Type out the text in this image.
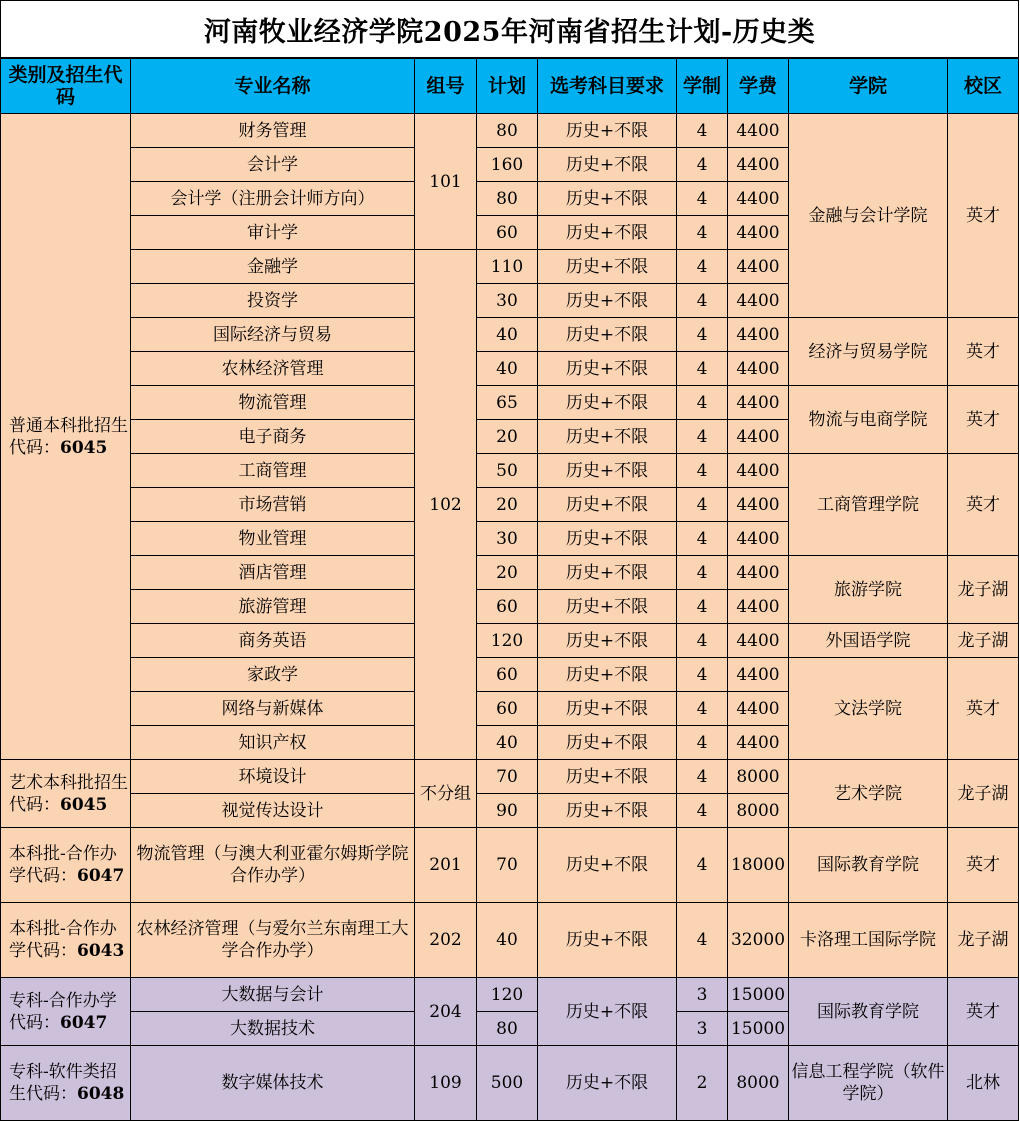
河南牧业经济学院2025年河南省招生计划-历史类
类别及招生代码	专业名称	组号	计划	选考科目要求	学制	学费	学院	校区
普通本科批招生代码：6045	财务管理	101	80	历史+不限	4	4400	金融与会计学院	英才
	会计学		160	历史+不限	4	4400		
	会计学（注册会计师方向）		80	历史+不限	4	4400		
	审计学		60	历史+不限	4	4400		
	金融学	102	110	历史+不限	4	4400		
	投资学		30	历史+不限	4	4400		
	国际经济与贸易		40	历史+不限	4	4400	经济与贸易学院	英才
	农林经济管理		40	历史+不限	4	4400		
	物流管理		65	历史+不限	4	4400	物流与电商学院	英才
	电子商务		20	历史+不限	4	4400		
	工商管理		50	历史+不限	4	4400	工商管理学院	英才
	市场营销		20	历史+不限	4	4400		
	物业管理		30	历史+不限	4	4400		
	酒店管理		20	历史+不限	4	4400	旅游学院	龙子湖
	旅游管理		60	历史+不限	4	4400		
	商务英语		120	历史+不限	4	4400	外国语学院	龙子湖
	家政学		60	历史+不限	4	4400	文法学院	英才
	网络与新媒体		60	历史+不限	4	4400		
	知识产权		40	历史+不限	4	4400		
艺术本科批招生代码：6045	环境设计	不分组	70	历史+不限	4	8000	艺术学院	龙子湖
	视觉传达设计		90	历史+不限	4	8000		
本科批-合作办学代码：6047	物流管理（与澳大利亚霍尔姆斯学院合作办学）	201	70	历史+不限	4	18000	国际教育学院	英才
本科批-合作办学代码：6043	农林经济管理（与爱尔兰东南理工大学合作办学）	202	40	历史+不限	4	32000	卡洛理工国际学院	龙子湖
专科-合作办学代码：6047	大数据与会计	204	120	历史+不限	3	15000	国际教育学院	英才
	大数据技术		80		3	15000		
专科-软件类招生代码：6048	数字媒体技术	109	500	历史+不限	2	8000	信息工程学院（软件学院）	北林
